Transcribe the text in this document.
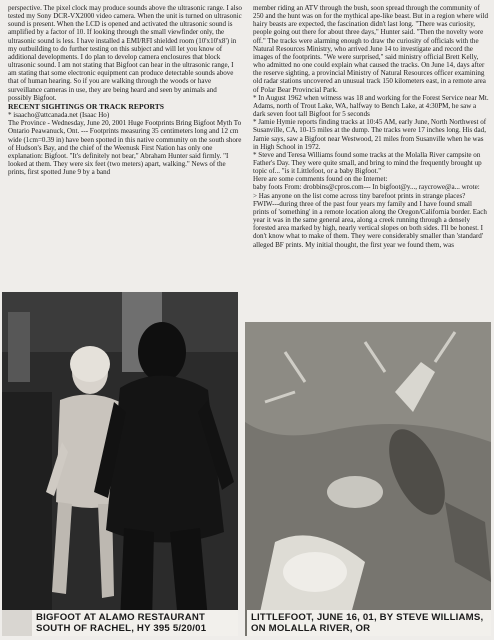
perspective. The pixel clock may produce sounds above the ultrasonic range. I also tested my Sony DCR-VX2000 video camera. When the unit is turned on ultrasonic sound is present. When the LCD is opened and activated the ultrasonic sound is amplified by a factor of 10. If looking through the small viewfinder only, the ultrasonic sound is less. I have installed a EMI/RFI shielded room (10'x10'x8') in my outbuilding to do further testing on this subject and will let you know of additional developments. I do plan to develop camera enclosures that block ultrasonic sound. I am not stating that Bigfoot can hear in the ultrasonic range, I am stating that some electronic equipment can produce detectable sounds above that of human hearing. So if you are walking through the woods or have surveillance cameras in use, they are being heard and seen by animals and possibly Bigfoot.

RECENT SIGHTINGS OR TRACK REPORTS

* isaacho@attcanada.net (Isaac Ho)

The Province - Wednesday, June 20, 2001 Huge Footprints Bring Bigfoot Myth To Ontario Peawanuck, Ont. --- Footprints measuring 35 centimeters long and 12 cm wide (1cm=0.39 in) have been spotted in this native community on the south shore of Hudson's Bay, and the chief of the Weenusk First Nation has only one explanation: Bigfoot. "It's definitely not bear," Abraham Hunter said firmly. "I looked at them. They were six feet (two meters) apart, walking." News of the prints, first spotted June 9 by a band

member riding an ATV through the bush, soon spread through the community of 250 and the hunt was on for the mythical ape-like beast. But in a region where wild hairy beasts are expected, the fascination didn't last long. "There was curiosity, people going out there for about three days," Hunter said. "Then the novelty wore off." The tracks were alarming enough to draw the curiosity of officials with the Natural Resources Ministry, who arrived June 14 to investigate and record the images of the footprints. "We were surprised," said ministry official Brett Kelly, who admitted no one could explain what caused the tracks. On June 14, days after the reserve sighting, a provincial Ministry of Natural Resources officer examining old radar stations uncovered an unusual track 150 kilometers east, in a remote area of Polar Bear Provincial Park.

* In August 1962 when witness was 18 and working for the Forest Service near Mt. Adams, north of Trout Lake, WA, halfway to Bench Lake, at 4:30PM, he saw a dark seven foot tall Bigfoot for 5 seconds

* Jamie Hymie reports finding tracks at 10:45 AM, early June, North Northwest of Susanville, CA, 10-15 miles at the dump. The tracks were 17 inches long. His dad, Jamie says, saw a Bigfoot near Westwood, 21 miles from Susanville when he was in High School in 1972.

* Steve and Teresa Williams found some tracks at the Molalla River campsite on Father's Day. They were quite small, and bring to mind the frequently brought up topic of... "is it Littlefoot, or a baby Bigfoot."

Here are some comments found on the Internet:

baby foots From: drobbins@cpros.com--- In bigfoot@y..., raycrowe@a... wrote:

> Has anyone on the list come across tiny barefoot prints in strange places?

FWIW---during three of the past four years my family and I have found small prints of 'something' in a remote location along the Oregon/California border. Each year it was in the same general area, along a creek running through a densely forested area marked by high, nearly vertical slopes on both sides. I'll be honest. I don't know what to make of them. They were considerably smaller than 'standard' alleged BF prints. My initial thought, the first year we found them, was

BIGFOOT AT ALAMO RESTAURANT SOUTH OF RACHEL, HY 395 5/20/01
LITTLEFOOT, JUNE 16, 01, BY STEVE WILLIAMS, ON MOLALLA RIVER, OR
